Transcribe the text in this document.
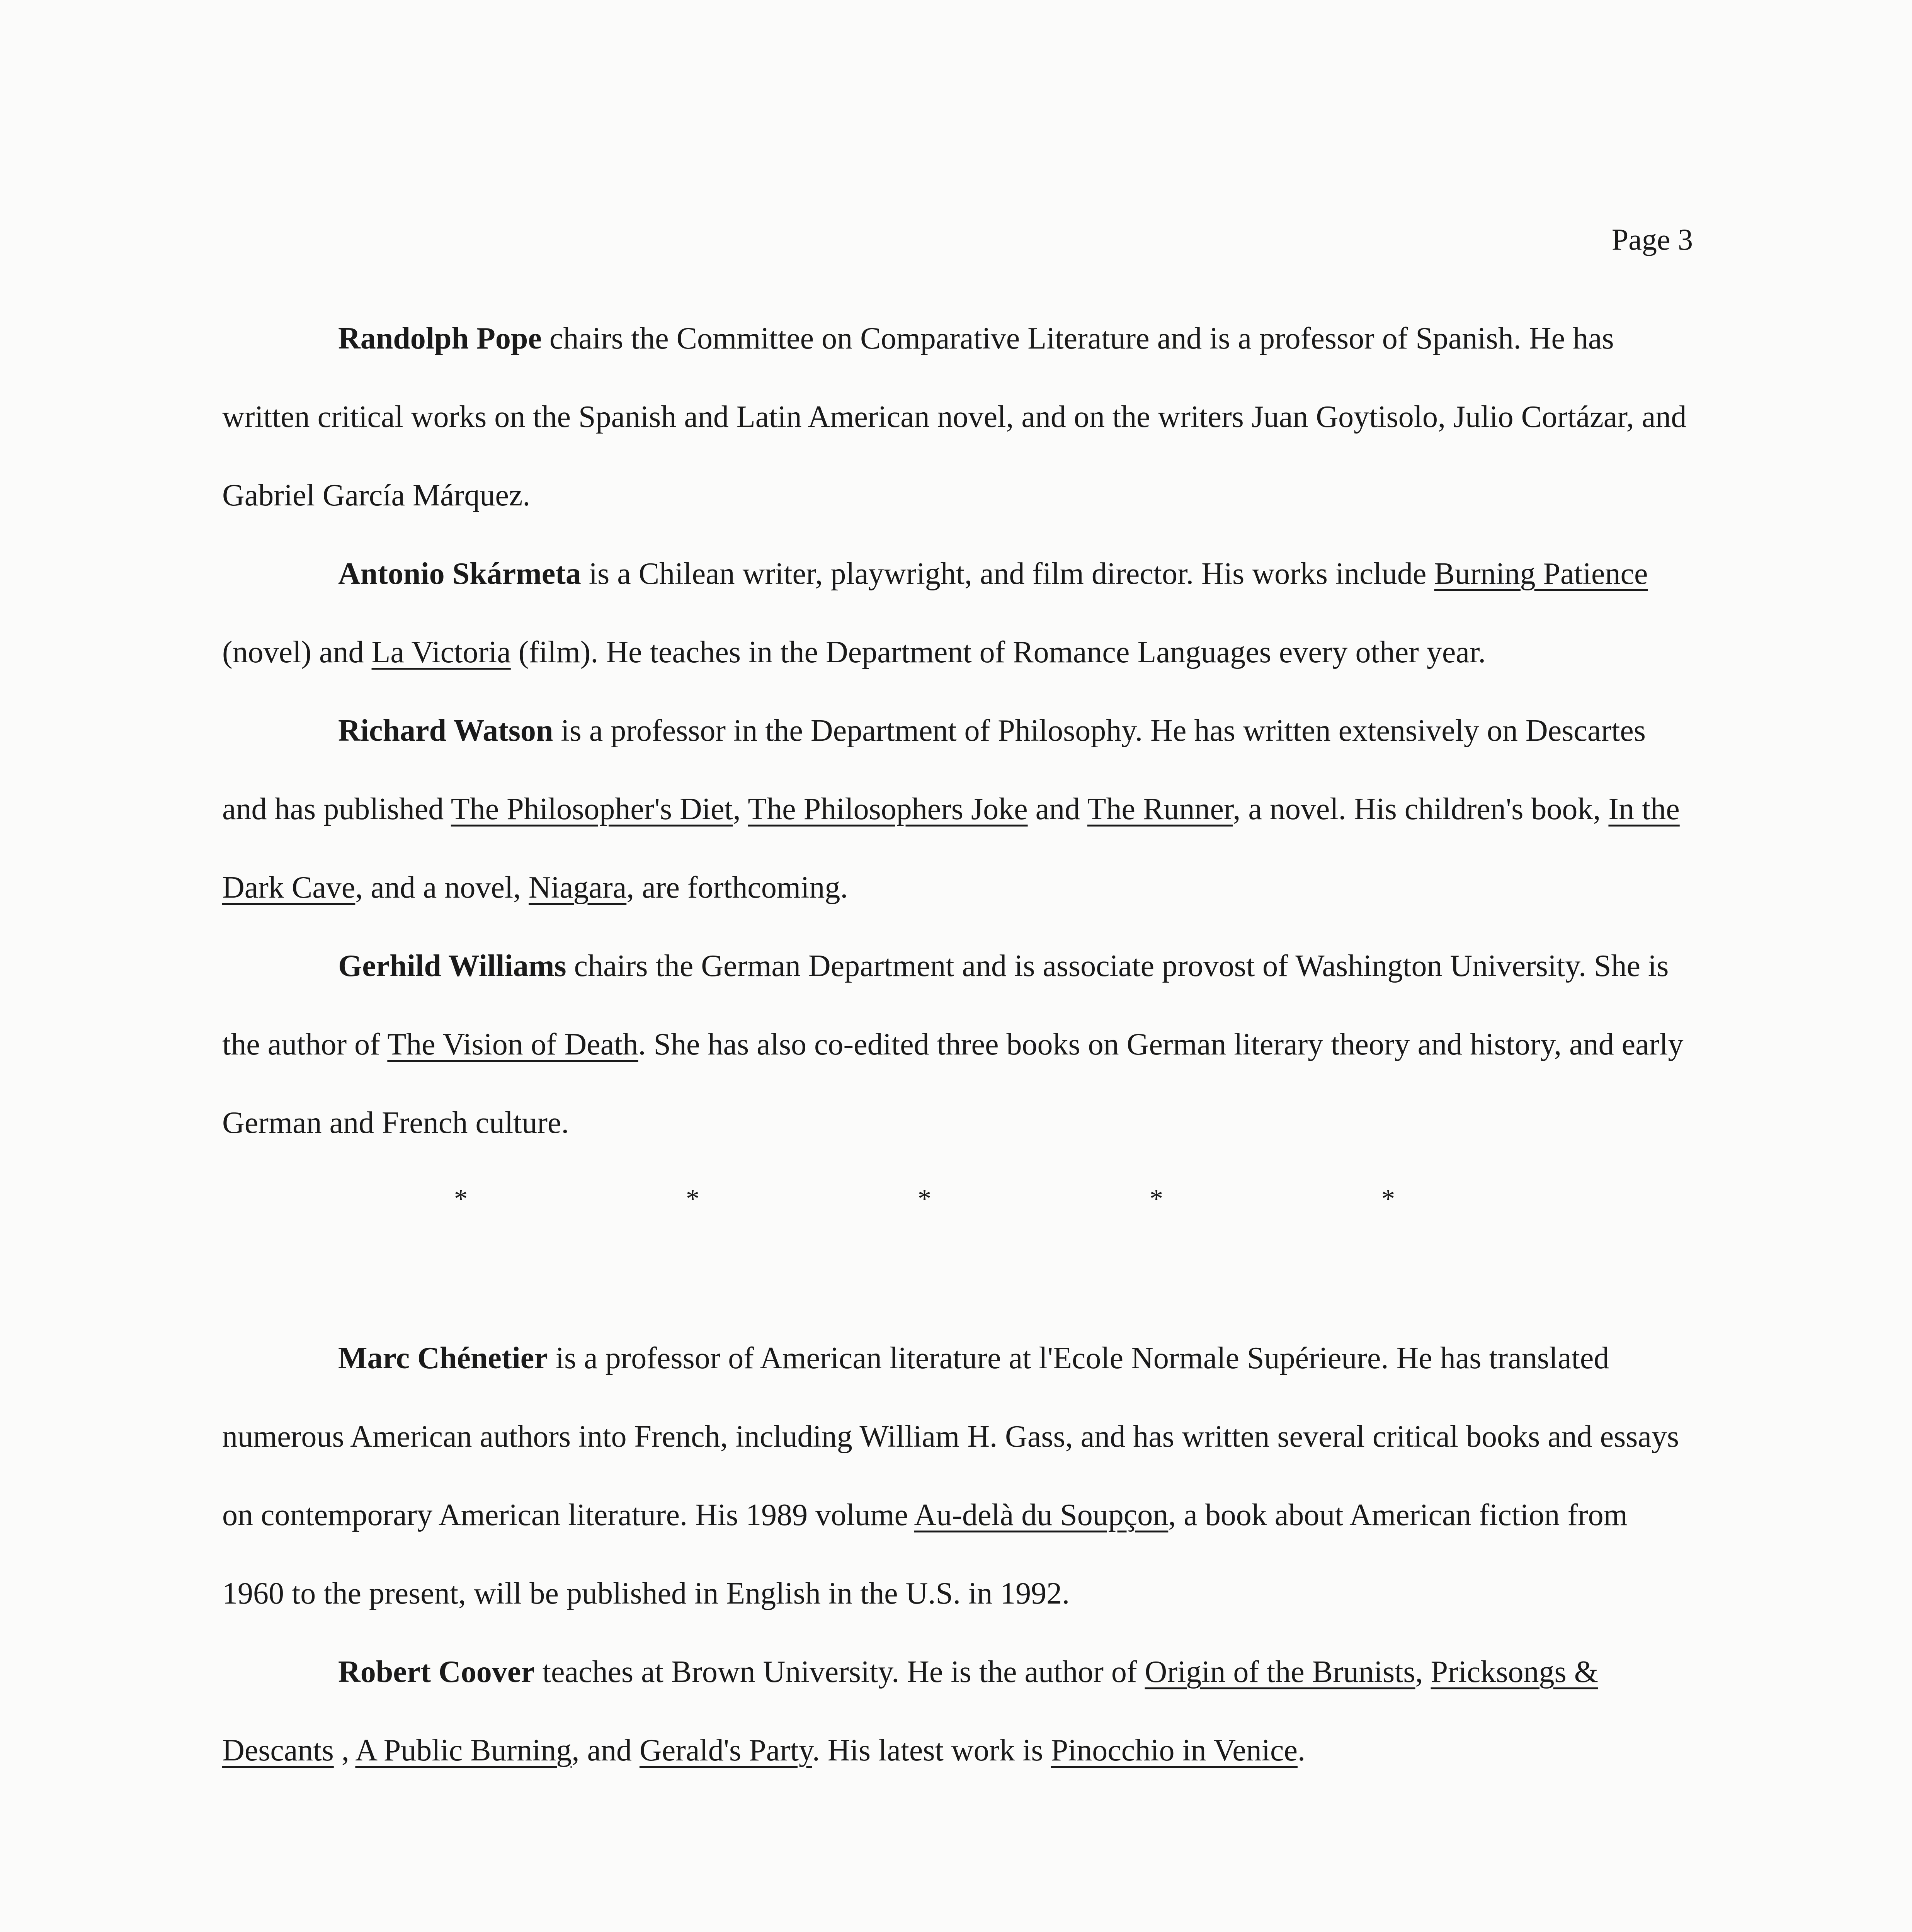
Page 3

Randolph Pope chairs the Committee on Comparative Literature and is a professor of Spanish. He has written critical works on the Spanish and Latin American novel, and on the writers Juan Goytisolo, Julio Cortázar, and Gabriel García Márquez.

Antonio Skármeta is a Chilean writer, playwright, and film director. His works include Burning Patience (novel) and La Victoria (film). He teaches in the Department of Romance Languages every other year.

Richard Watson is a professor in the Department of Philosophy. He has written extensively on Descartes and has published The Philosopher's Diet, The Philosophers Joke and The Runner, a novel. His children's book, In the Dark Cave, and a novel, Niagara, are forthcoming.

Gerhild Williams chairs the German Department and is associate provost of Washington University. She is the author of The Vision of Death. She has also co-edited three books on German literary theory and history, and early German and French culture.

*	*	*	*	*

Marc Chénetier is a professor of American literature at l'Ecole Normale Supérieure. He has translated numerous American authors into French, including William H. Gass, and has written several critical books and essays on contemporary American literature. His 1989 volume Au-delà du Soupçon, a book about American fiction from 1960 to the present, will be published in English in the U.S. in 1992.

Robert Coover teaches at Brown University. He is the author of Origin of the Brunists, Pricksongs & Descants , A Public Burning, and Gerald's Party. His latest work is Pinocchio in Venice.
